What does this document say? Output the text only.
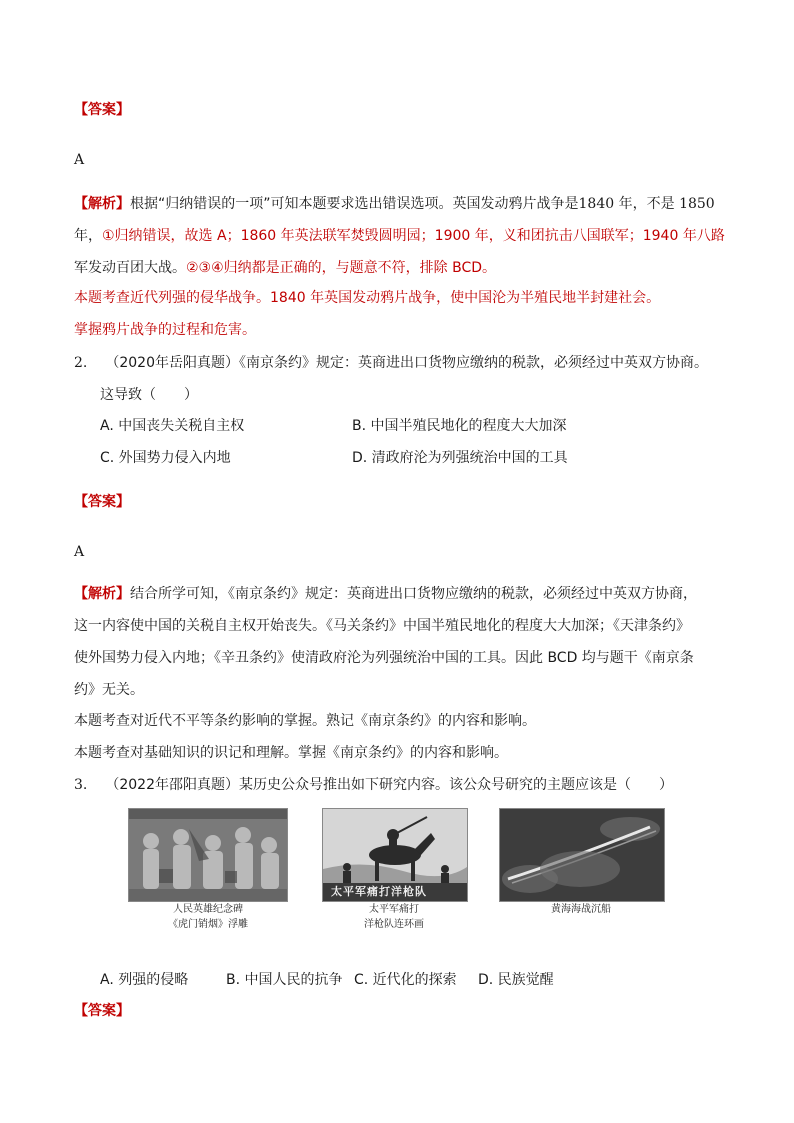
【答案】
A
【解析】根据“归纳错误的一项”可知本题要求选出错误选项。英国发动鸦片战争是1840 年，不是 1850
年，①归纳错误，故选 A；1860 年英法联军焚毁圆明园；1900 年，义和团抗击八国联军；1940 年八路
军发动百团大战。②③④归纳都是正确的，与题意不符，排除 BCD。
本题考查近代列强的侵华战争。1840 年英国发动鸦片战争，使中国沦为半殖民地半封建社会。
掌握鸦片战争的过程和危害。
2. （2020年岳阳真题）《南京条约》规定：英商进出口货物应缴纳的税款，必须经过中英双方协商。
这导致（　　）
A. 中国丧失关税自主权	B. 中国半殖民地化的程度大大加深
C. 外国势力侵入内地	D. 清政府沦为列强统治中国的工具
【答案】
A
【解析】结合所学可知，《南京条约》规定：英商进出口货物应缴纳的税款，必须经过中英双方协商，
这一内容使中国的关税自主权开始丧失。《马关条约》中国半殖民地化的程度大大加深；《天津条约》
使外国势力侵入内地；《辛丑条约》使清政府沦为列强统治中国的工具。因此 BCD 均与题干《南京条
约》无关。
本题考查对近代不平等条约影响的掌握。熟记《南京条约》的内容和影响。
本题考查对基础知识的识记和理解。掌握《南京条约》的内容和影响。
3. （2022年邵阳真题）某历史公众号推出如下研究内容。该公众号研究的主题应该是（　　）
人民英雄纪念碑
《虎门销烟》浮雕
太平军痛打洋枪队
太平军痛打
洋枪队连环画
黄海海战沉船
A. 列强的侵略	B. 中国人民的抗争 C. 近代化的探索 D. 民族觉醒
【答案】
